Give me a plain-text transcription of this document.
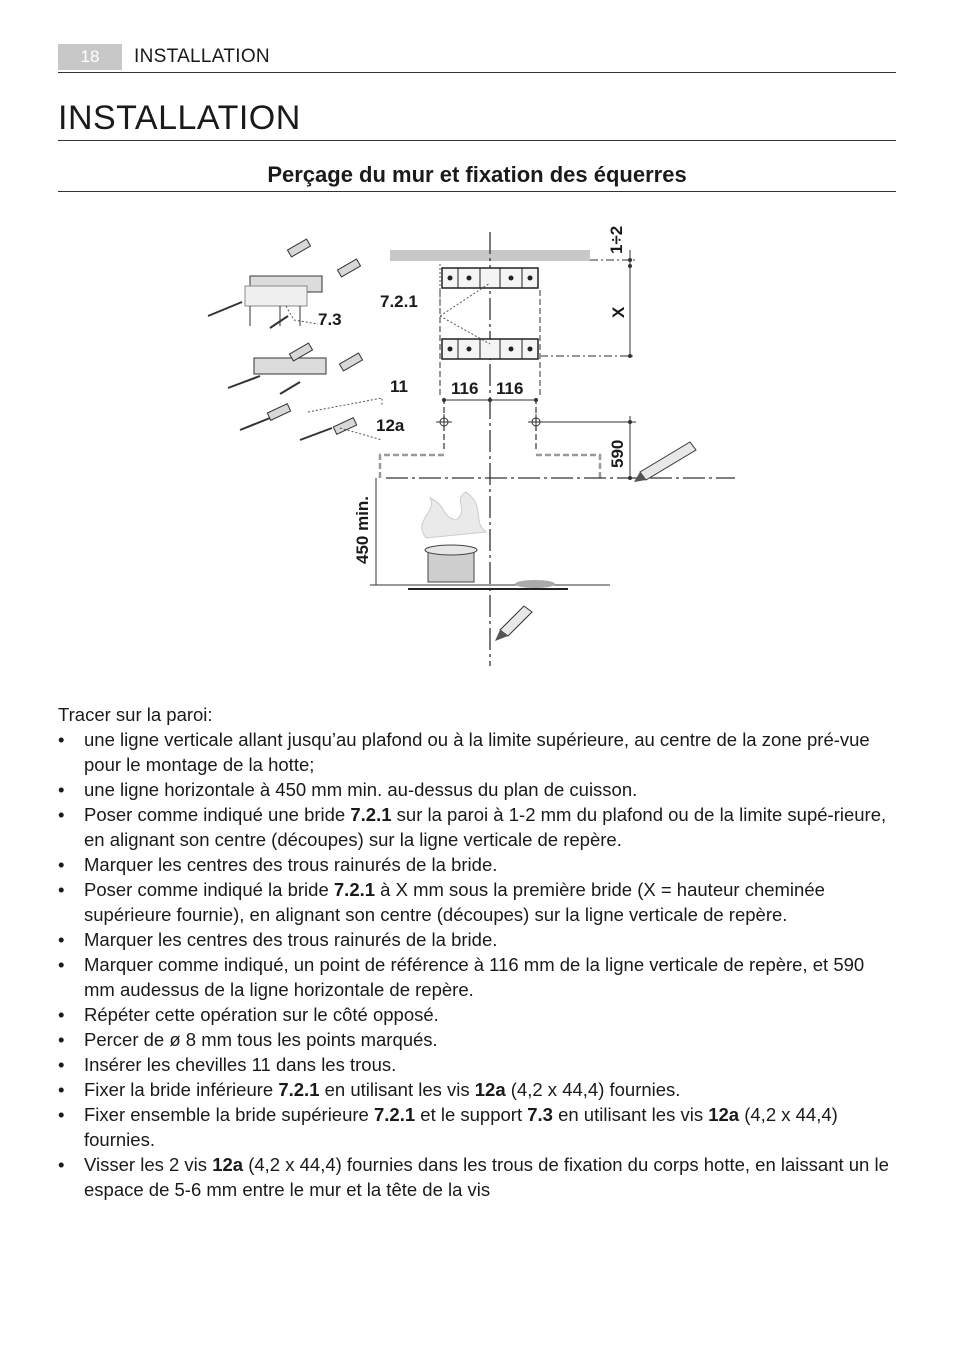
18	INSTALLATION
INSTALLATION
Perçage du mur et fixation des équerres
7.2.1
7.3
11
12a
116 116
1÷2
X
590
450 min.

Tracer sur la paroi:

• une ligne verticale allant jusqu’au plafond ou à la limite supérieure, au centre de la zone pré-vue pour le montage de la hotte;
• une ligne horizontale à 450 mm min. au-dessus du plan de cuisson.
• Poser comme indiqué une bride 7.2.1 sur la paroi à 1-2 mm du plafond ou de la limite supé-rieure, en alignant son centre (découpes) sur la ligne verticale de repère.
• Marquer les centres des trous rainurés de la bride.
• Poser comme indiqué la bride 7.2.1 à X mm sous la première bride (X = hauteur cheminée supérieure fournie), en alignant son centre (découpes) sur la ligne verticale de repère.
• Marquer les centres des trous rainurés de la bride.
• Marquer comme indiqué, un point de référence à 116 mm de la ligne verticale de repère, et 590 mm audessus de la ligne horizontale de repère.
• Répéter cette opération sur le côté opposé.
• Percer de ø 8 mm tous les points marqués.
• Insérer les chevilles 11 dans les trous.
• Fixer la bride inférieure 7.2.1 en utilisant les vis 12a (4,2 x 44,4) fournies.
• Fixer ensemble la bride supérieure 7.2.1 et le support 7.3 en utilisant les vis 12a (4,2 x 44,4) fournies.
• Visser les 2 vis 12a (4,2 x 44,4) fournies dans les trous de fixation du corps hotte, en laissant un le espace de 5-6 mm entre le mur et la tête de la vis
